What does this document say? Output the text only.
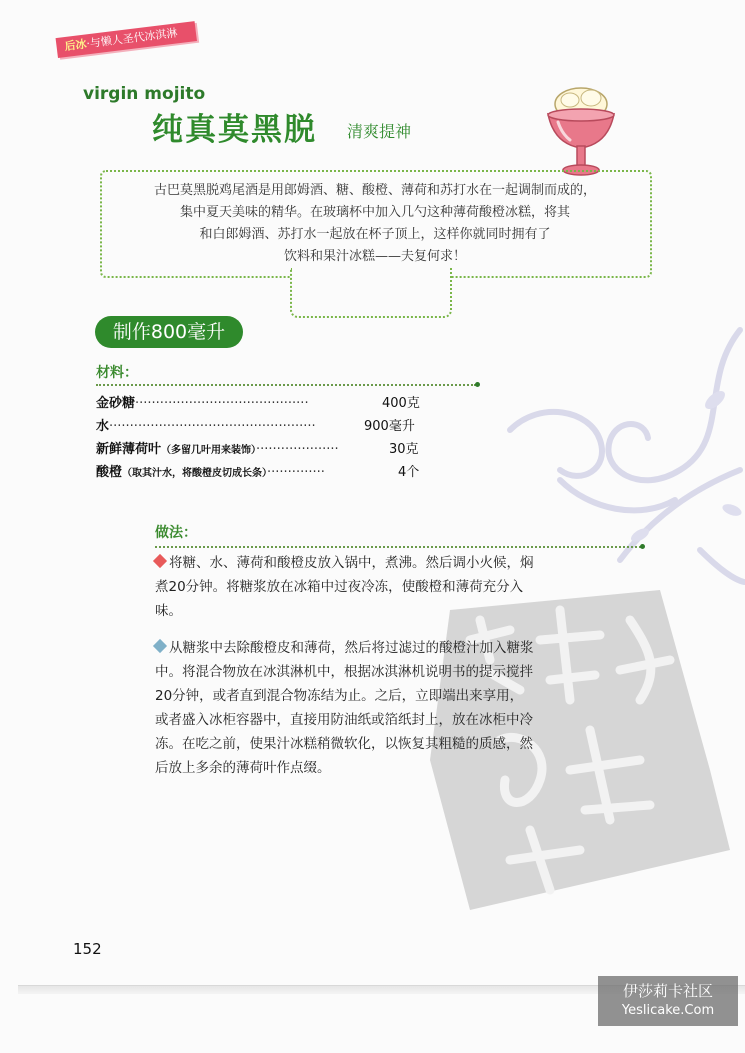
后冰·与懒人圣代冰淇淋
virgin mojito
纯真莫黑脱 清爽提神

古巴莫黑脱鸡尾酒是用郎姆酒、糖、酸橙、薄荷和苏打水在一起调制而成的，

集中夏天美味的精华。在玻璃杯中加入几勺这种薄荷酸橙冰糕，将其

和白郎姆酒、苏打水一起放在杯子顶上，这样你就同时拥有了

饮料和果汁冰糕——夫复何求！

制作800毫升
材料：
金砂糖··········································	400克
水··················································	900毫升
新鲜薄荷叶（多留几叶用来装饰）····················	30克
酸橙（取其汁水，将酸橙皮切成长条）··············	4个
做法：

将糖、水、薄荷和酸橙皮放入锅中，煮沸。然后调小火候，焖

煮20分钟。将糖浆放在冰箱中过夜冷冻，使酸橙和薄荷充分入

味。

从糖浆中去除酸橙皮和薄荷，然后将过滤过的酸橙汁加入糖浆

中。将混合物放在冰淇淋机中，根据冰淇淋机说明书的提示搅拌

20分钟，或者直到混合物冻结为止。之后，立即端出来享用，

或者盛入冰柜容器中，直接用防油纸或箔纸封上，放在冰柜中冷

冻。在吃之前，使果汁冰糕稍微软化，以恢复其粗糙的质感，然

后放上多余的薄荷叶作点缀。

152
伊莎莉卡社区
Yeslicake.Com
